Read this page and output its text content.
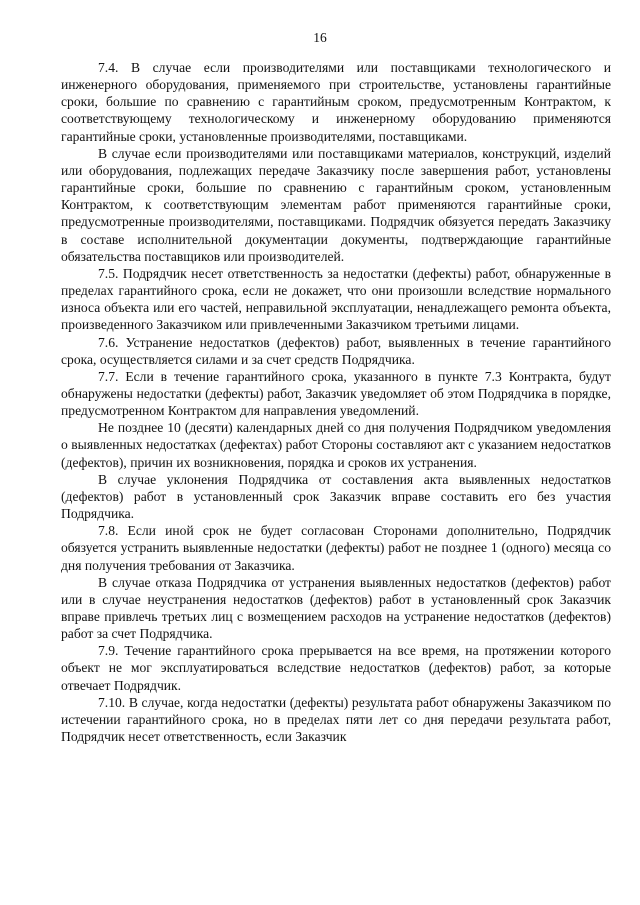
16

7.4. В случае если производителями или поставщиками технологического и инженерного оборудования, применяемого при строительстве, установлены гарантийные сроки, большие по сравнению с гарантийным сроком, предусмотренным Контрактом, к соответствующему технологическому и инженерному оборудованию применяются гарантийные сроки, установленные производителями, поставщиками.

В случае если производителями или поставщиками материалов, конструкций, изделий или оборудования, подлежащих передаче Заказчику после завершения работ, установлены гарантийные сроки, большие по сравнению с гарантийным сроком, установленным Контрактом, к соответствующим элементам работ применяются гарантийные сроки, предусмотренные производителями, поставщиками. Подрядчик обязуется передать Заказчику в составе исполнительной документации документы, подтверждающие гарантийные обязательства поставщиков или производителей.

7.5. Подрядчик несет ответственность за недостатки (дефекты) работ, обнаруженные в пределах гарантийного срока, если не докажет, что они произошли вследствие нормального износа объекта или его частей, неправильной эксплуатации, ненадлежащего ремонта объекта, произведенного Заказчиком или привлеченными Заказчиком третьими лицами.

7.6. Устранение недостатков (дефектов) работ, выявленных в течение гарантийного срока, осуществляется силами и за счет средств Подрядчика.

7.7. Если в течение гарантийного срока, указанного в пункте 7.3 Контракта, будут обнаружены недостатки (дефекты) работ, Заказчик уведомляет об этом Подрядчика в порядке, предусмотренном Контрактом для направления уведомлений.

Не позднее 10 (десяти) календарных дней со дня получения Подрядчиком уведомления о выявленных недостатках (дефектах) работ Стороны составляют акт с указанием недостатков (дефектов), причин их возникновения, порядка и сроков их устранения.

В случае уклонения Подрядчика от составления акта выявленных недостатков (дефектов) работ в установленный срок Заказчик вправе составить его без участия Подрядчика.

7.8. Если иной срок не будет согласован Сторонами дополнительно, Подрядчик обязуется устранить выявленные недостатки (дефекты) работ не позднее 1 (одного) месяца со дня получения требования от Заказчика.

В случае отказа Подрядчика от устранения выявленных недостатков (дефектов) работ или в случае неустранения недостатков (дефектов) работ в установленный срок Заказчик вправе привлечь третьих лиц с возмещением расходов на устранение недостатков (дефектов) работ за счет Подрядчика.

7.9. Течение гарантийного срока прерывается на все время, на протяжении которого объект не мог эксплуатироваться вследствие недостатков (дефектов) работ, за которые отвечает Подрядчик.

7.10. В случае, когда недостатки (дефекты) результата работ обнаружены Заказчиком по истечении гарантийного срока, но в пределах пяти лет со дня передачи результата работ, Подрядчик несет ответственность, если Заказчик
